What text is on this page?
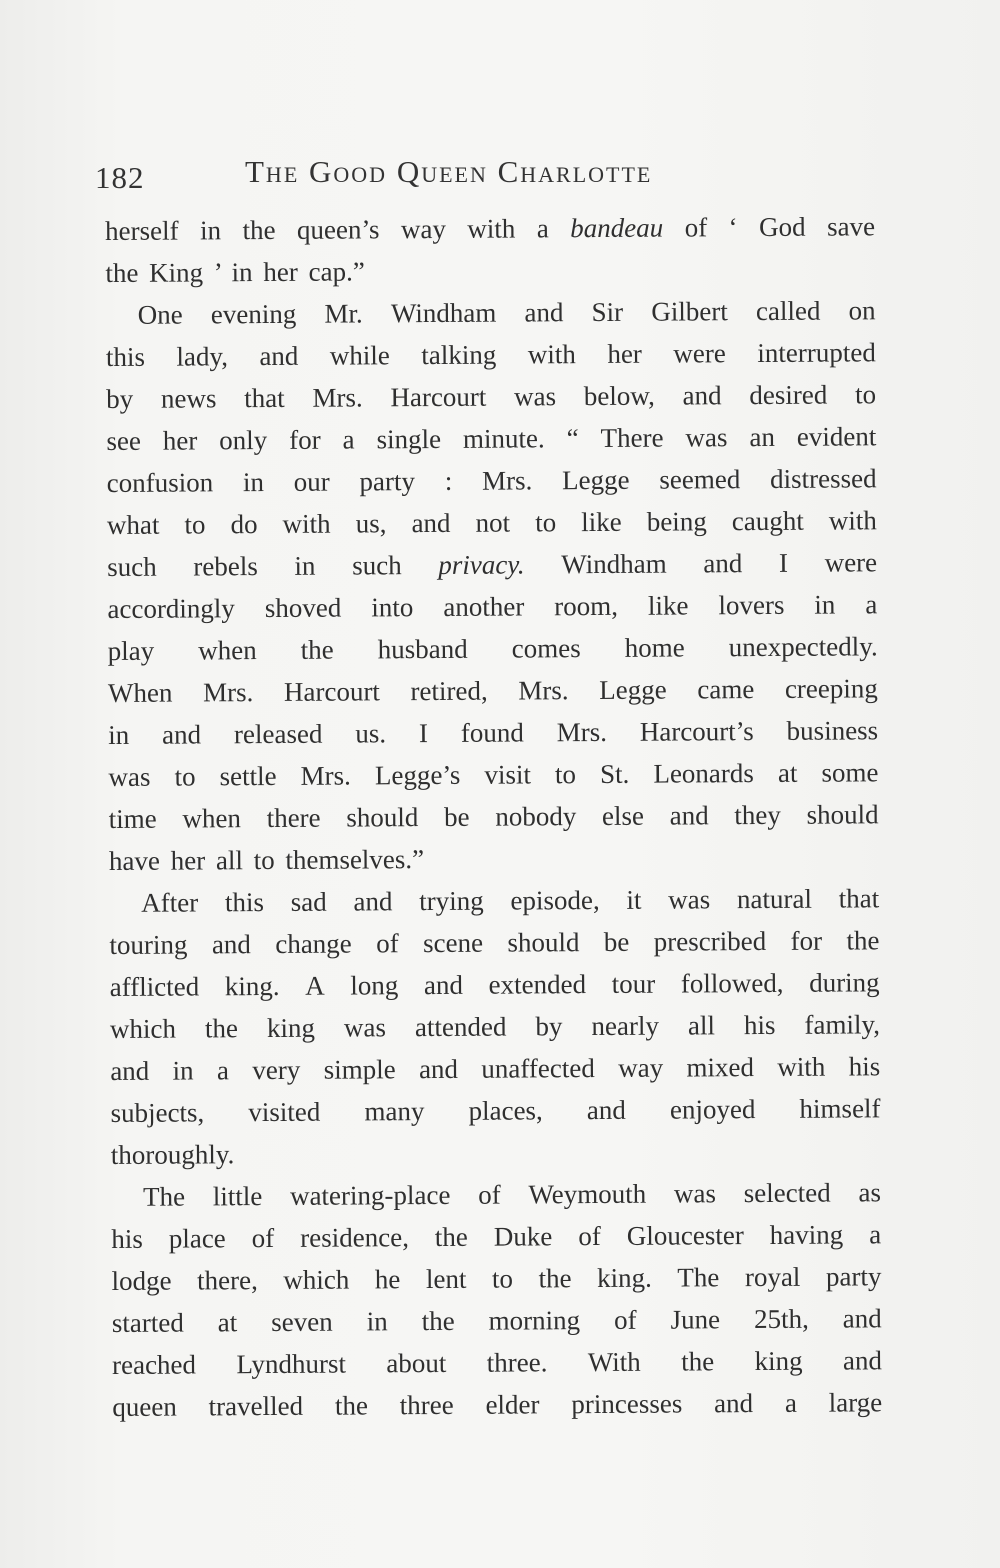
182	The Good Queen Charlotte
herself in the queen’s way with a bandeau of ‘ God save
the King ’ in her cap.”
One evening Mr. Windham and Sir Gilbert called on
this lady, and while talking with her were interrupted
by news that Mrs. Harcourt was below, and desired to
see her only for a single minute. “ There was an evident
confusion in our party : Mrs. Legge seemed distressed
what to do with us, and not to like being caught with
such rebels in such privacy. Windham and I were
accordingly shoved into another room, like lovers in a
play when the husband comes home unexpectedly.
When Mrs. Harcourt retired, Mrs. Legge came creeping
in and released us. I found Mrs. Harcourt’s business
was to settle Mrs. Legge’s visit to St. Leonards at some
time when there should be nobody else and they should
have her all to themselves.”
After this sad and trying episode, it was natural that
touring and change of scene should be prescribed for the
afflicted king. A long and extended tour followed, during
which the king was attended by nearly all his family,
and in a very simple and unaffected way mixed with his
subjects, visited many places, and enjoyed himself
thoroughly.
The little watering-place of Weymouth was selected as
his place of residence, the Duke of Gloucester having a
lodge there, which he lent to the king. The royal party
started at seven in the morning of June 25th, and
reached Lyndhurst about three. With the king and
queen travelled the three elder princesses and a large
